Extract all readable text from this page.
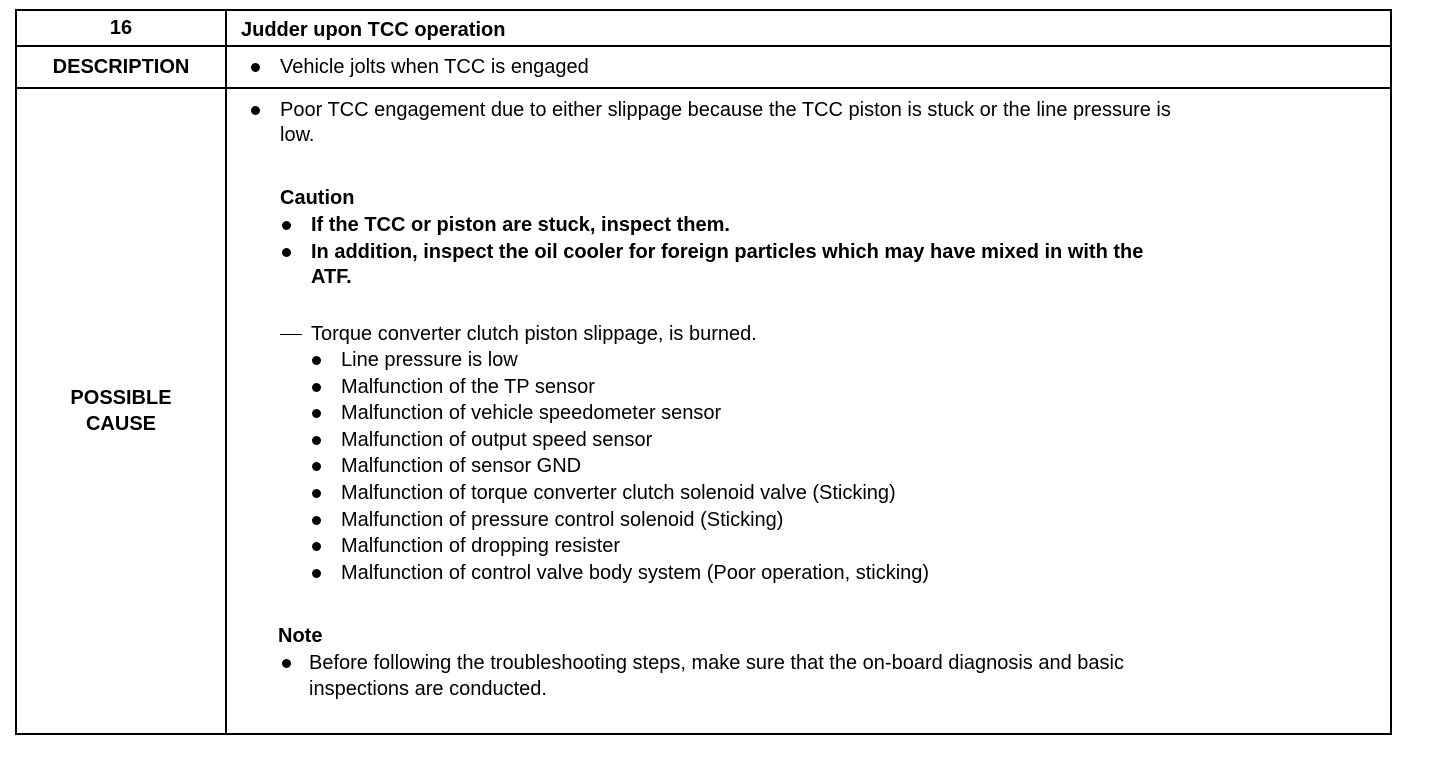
16	Judder upon TCC operation
DESCRIPTION	Vehicle jolts when TCC is engaged
POSSIBLE
CAUSE
Poor TCC engagement due to either slippage because the TCC piston is stuck or the line pressure is
low.
Caution
If the TCC or piston are stuck, inspect them.
In addition, inspect the oil cooler for foreign particles which may have mixed in with the
ATF.
Torque converter clutch piston slippage, is burned.
Line pressure is low
Malfunction of the TP sensor
Malfunction of vehicle speedometer sensor
Malfunction of output speed sensor
Malfunction of sensor GND
Malfunction of torque converter clutch solenoid valve (Sticking)
Malfunction of pressure control solenoid (Sticking)
Malfunction of dropping resister
Malfunction of control valve body system (Poor operation, sticking)
Note
Before following the troubleshooting steps, make sure that the on-board diagnosis and basic
inspections are conducted.
